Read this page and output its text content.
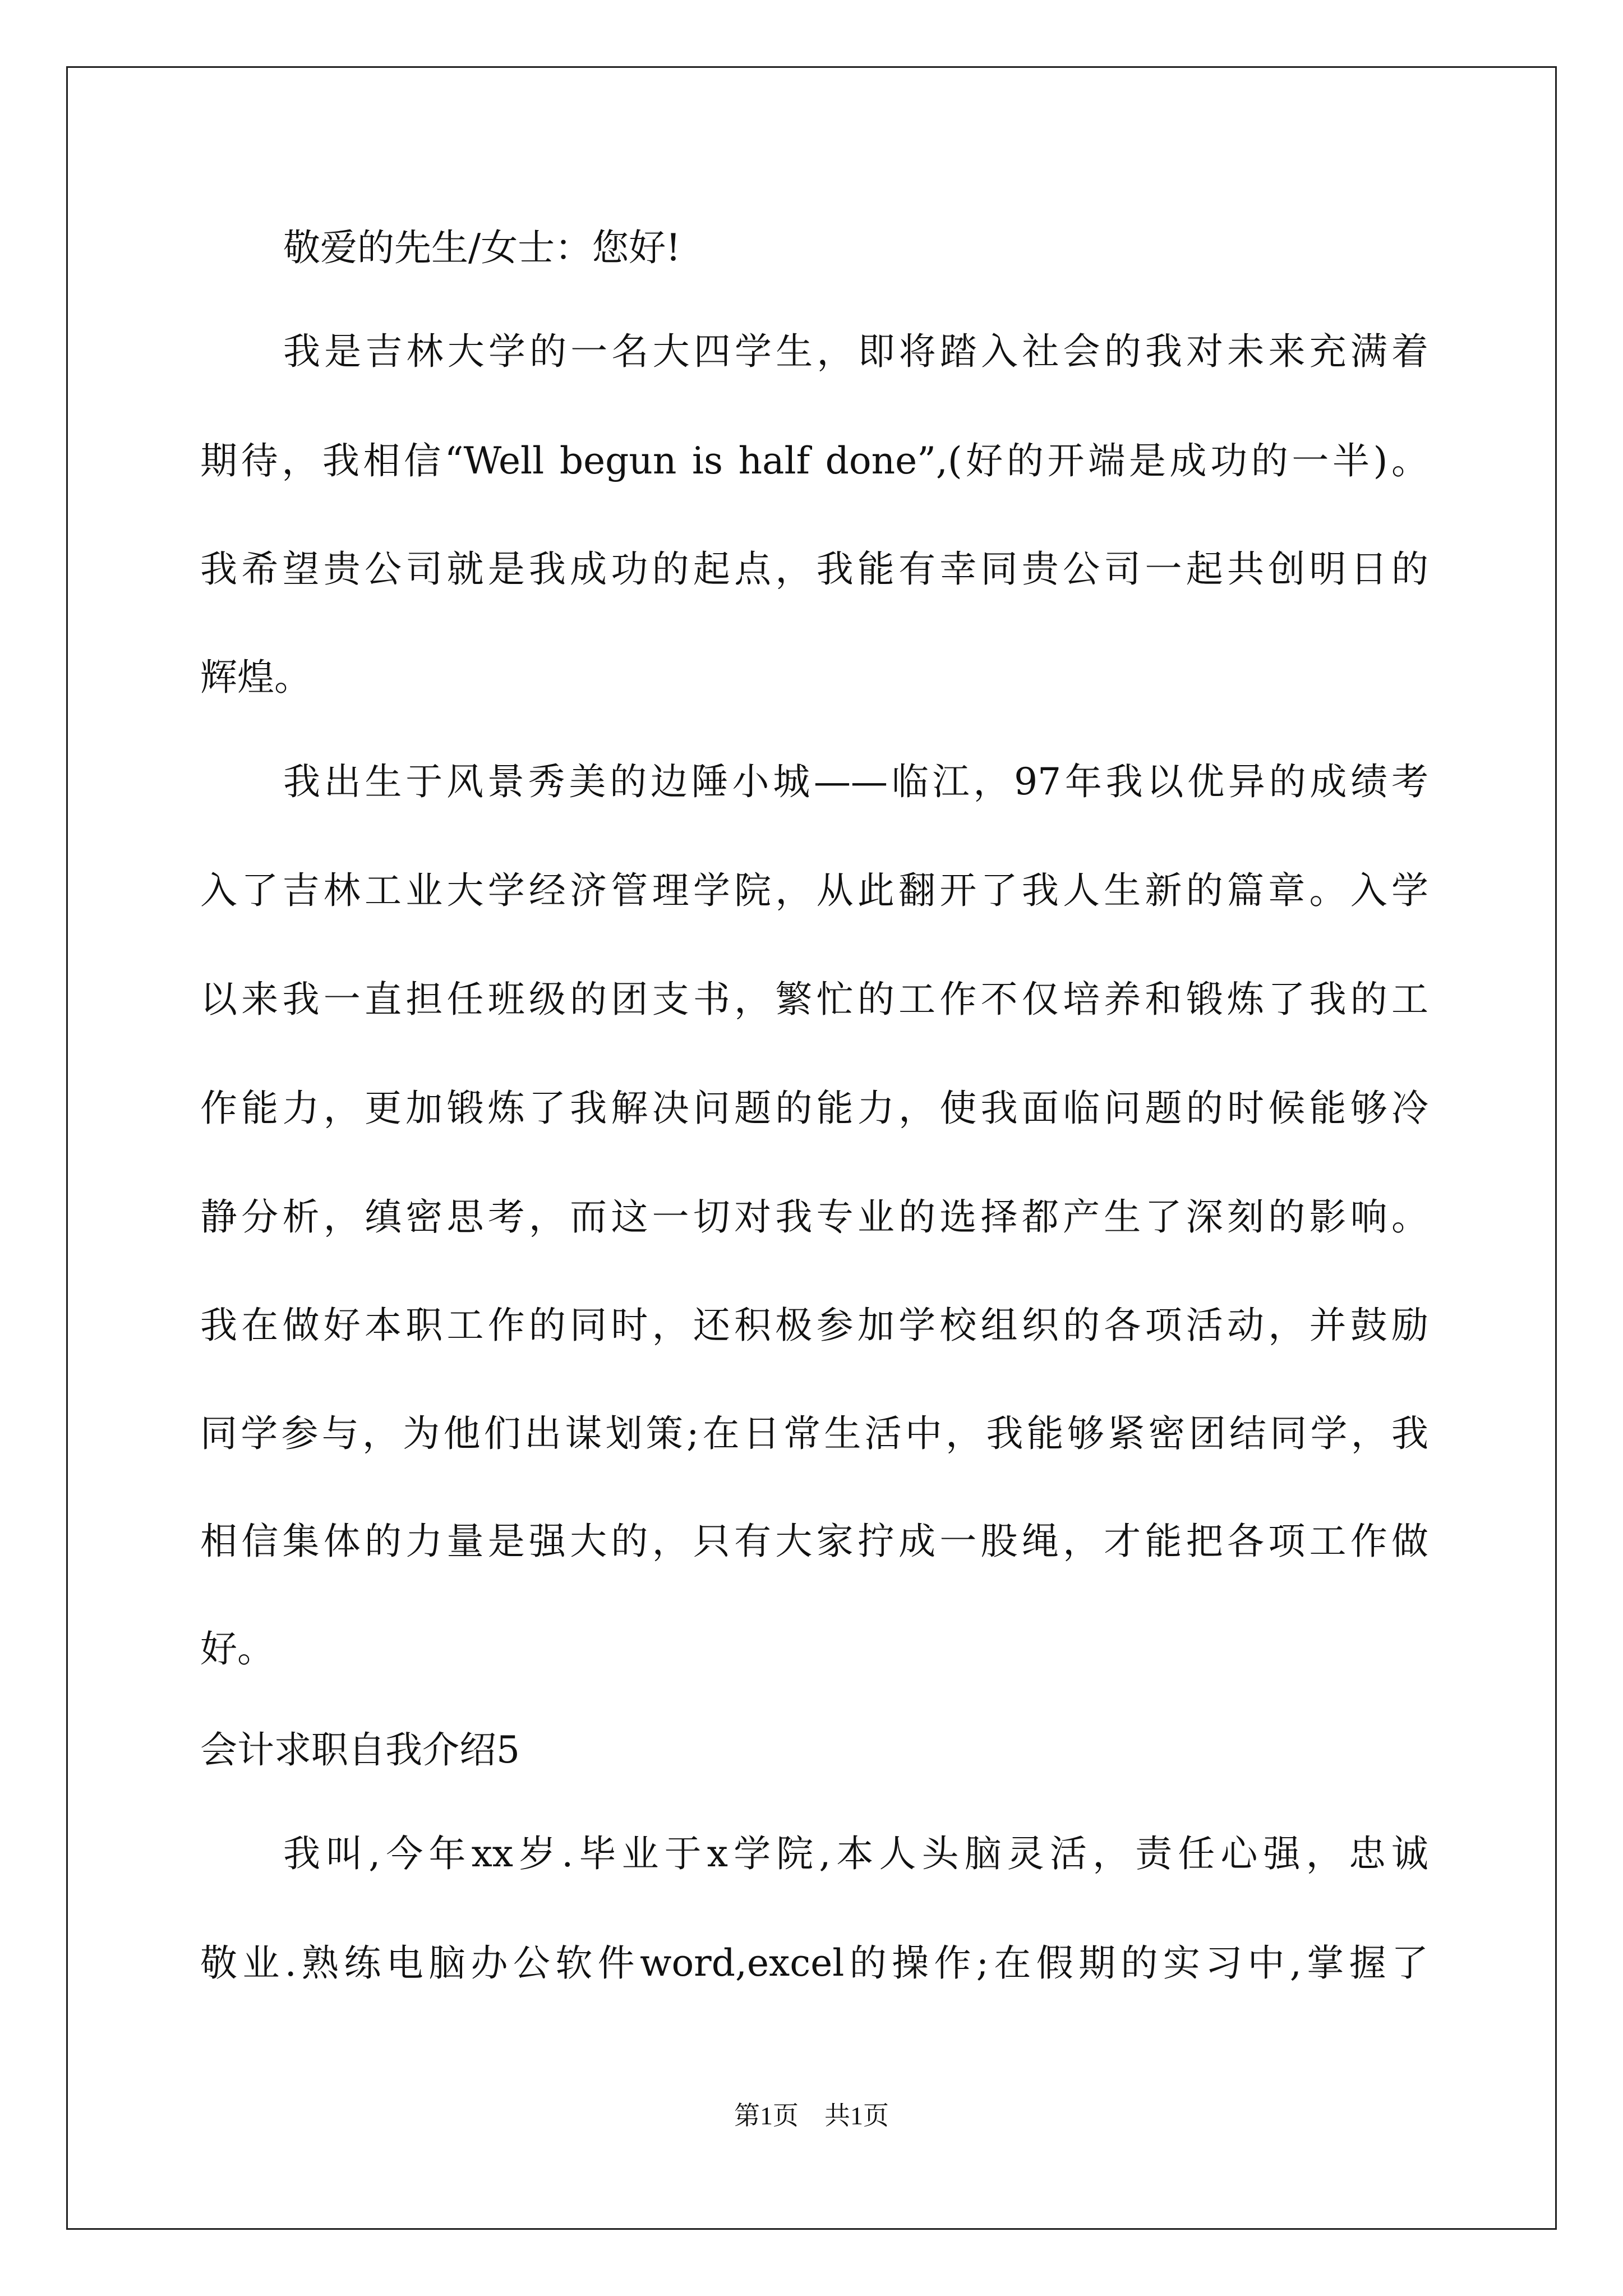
敬爱的先生/女士：您好!
我是吉林大学的一名大四学生，即将踏入社会的我对未来充满着
期待，我相信“Well begun is half done”,(好的开端是成功的一半)。
我希望贵公司就是我成功的起点，我能有幸同贵公司一起共创明日的
辉煌。
我出生于风景秀美的边陲小城——临江，97年我以优异的成绩考
入了吉林工业大学经济管理学院，从此翻开了我人生新的篇章。入学
以来我一直担任班级的团支书，繁忙的工作不仅培养和锻炼了我的工
作能力，更加锻炼了我解决问题的能力，使我面临问题的时候能够冷
静分析，缜密思考，而这一切对我专业的选择都产生了深刻的影响。
我在做好本职工作的同时，还积极参加学校组织的各项活动，并鼓励
同学参与，为他们出谋划策;在日常生活中，我能够紧密团结同学，我
相信集体的力量是强大的，只有大家拧成一股绳，才能把各项工作做
好。
会计求职自我介绍5
我叫,今年xx岁.毕业于x学院,本人头脑灵活，责任心强，忠诚
敬业.熟练电脑办公软件word,excel的操作;在假期的实习中,掌握了
第1页　共1页
